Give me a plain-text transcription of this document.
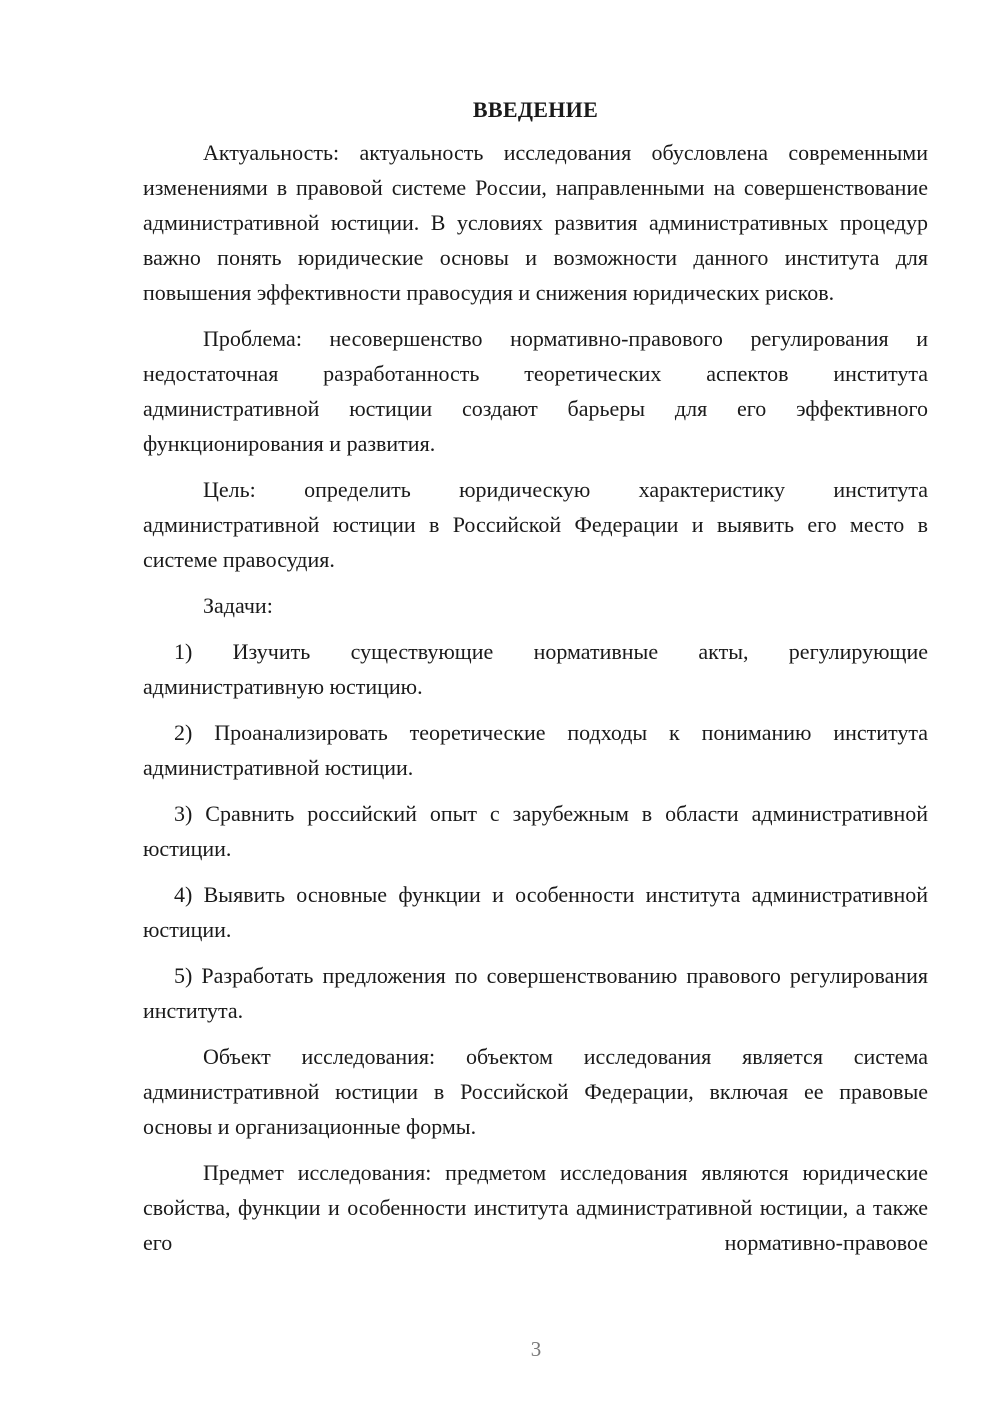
ВВЕДЕНИЕ

Актуальность: актуальность исследования обусловлена современными изменениями в правовой системе России, направленными на совершенствование административной юстиции. В условиях развития административных процедур важно понять юридические основы и возможности данного института для повышения эффективности правосудия и снижения юридических рисков.

Проблема: несовершенство нормативно-правового регулирования и недостаточная разработанность теоретических аспектов института административной юстиции создают барьеры для его эффективного функционирования и развития.

Цель: определить юридическую характеристику института административной юстиции в Российской Федерации и выявить его место в системе правосудия.

Задачи:

1) Изучить существующие нормативные акты, регулирующие административную юстицию.

2) Проанализировать теоретические подходы к пониманию института административной юстиции.

3) Сравнить российский опыт с зарубежным в области административной юстиции.

4) Выявить основные функции и особенности института административной юстиции.

5) Разработать предложения по совершенствованию правового регулирования института.

Объект исследования: объектом исследования является система административной юстиции в Российской Федерации, включая ее правовые основы и организационные формы.

Предмет исследования: предметом исследования являются юридические свойства, функции и особенности института административной юстиции, а также его нормативно-правовое

3
